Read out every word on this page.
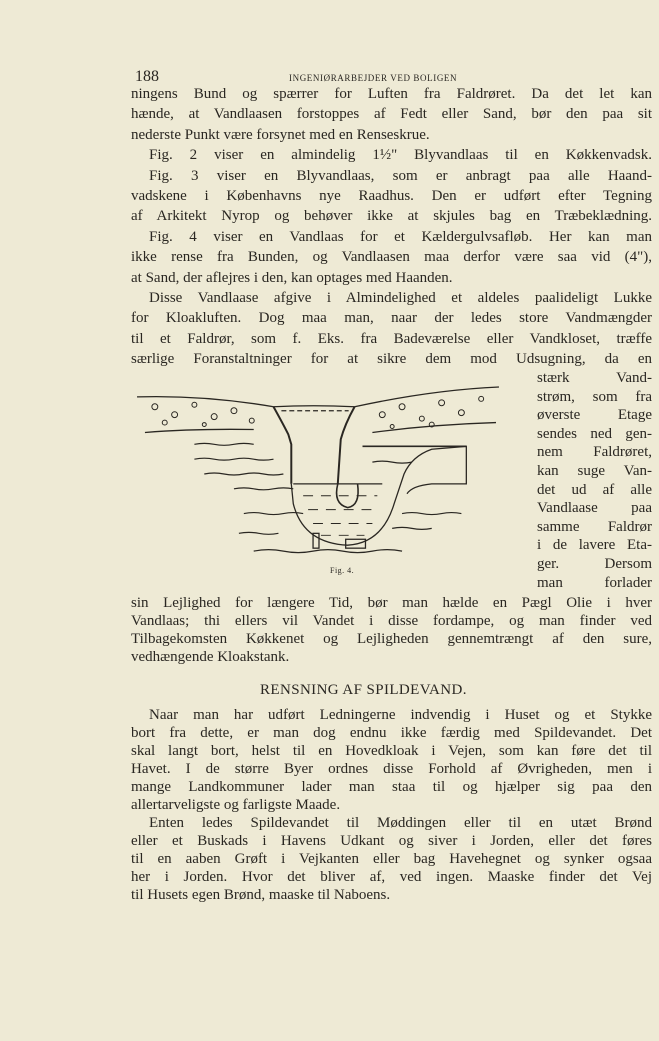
188	INGENIØRARBEJDER VED BOLIGEN
ningens Bund og spærrer for Luften fra Faldrøret. Da det let kan
hænde, at Vandlaasen forstoppes af Fedt eller Sand, bør den paa sit
nederste Punkt være forsynet med en Renseskrue.
Fig. 2 viser en almindelig 1½" Blyvandlaas til en Køkkenvadsk.
Fig. 3 viser en Blyvandlaas, som er anbragt paa alle Haand-
vadskene i Københavns nye Raadhus. Den er udført efter Tegning
af Arkitekt Nyrop og behøver ikke at skjules bag en Træbeklædning.
Fig. 4 viser en Vandlaas for et Kældergulvsafløb. Her kan man
ikke rense fra Bunden, og Vandlaasen maa derfor være saa vid (4"),
at Sand, der aflejres i den, kan optages med Haanden.
Disse Vandlaase afgive i Almindelighed et aldeles paalideligt Lukke
for Kloakluften. Dog maa man, naar der ledes store Vandmængder
til et Faldrør, som f. Eks. fra Badeværelse eller Vandkloset, træffe
særlige Foranstaltninger for at sikre dem mod Udsugning, da en
Fig. 4.
stærk Vand-
strøm, som fra
øverste Etage
sendes ned gen-
nem Faldrøret,
kan suge Van-
det ud af alle
Vandlaase paa
samme Faldrør
i de lavere Eta-
ger. Dersom
man forlader
sin Lejlighed for længere Tid, bør man hælde en Pægl Olie i hver
Vandlaas; thi ellers vil Vandet i disse fordampe, og man finder ved
Tilbagekomsten Køkkenet og Lejligheden gennemtrængt af den sure,
vedhængende Kloakstank.
RENSNING AF SPILDEVAND.
Naar man har udført Ledningerne indvendig i Huset og et Stykke
bort fra dette, er man dog endnu ikke færdig med Spildevandet. Det
skal langt bort, helst til en Hovedkloak i Vejen, som kan føre det til
Havet. I de større Byer ordnes disse Forhold af Øvrigheden, men i
mange Landkommuner lader man staa til og hjælper sig paa den
allertarveligste og farligste Maade.
Enten ledes Spildevandet til Møddingen eller til en utæt Brønd
eller et Buskads i Havens Udkant og siver i Jorden, eller det føres
til en aaben Grøft i Vejkanten eller bag Havehegnet og synker ogsaa
her i Jorden. Hvor det bliver af, ved ingen. Maaske finder det Vej
til Husets egen Brønd, maaske til Naboens.
